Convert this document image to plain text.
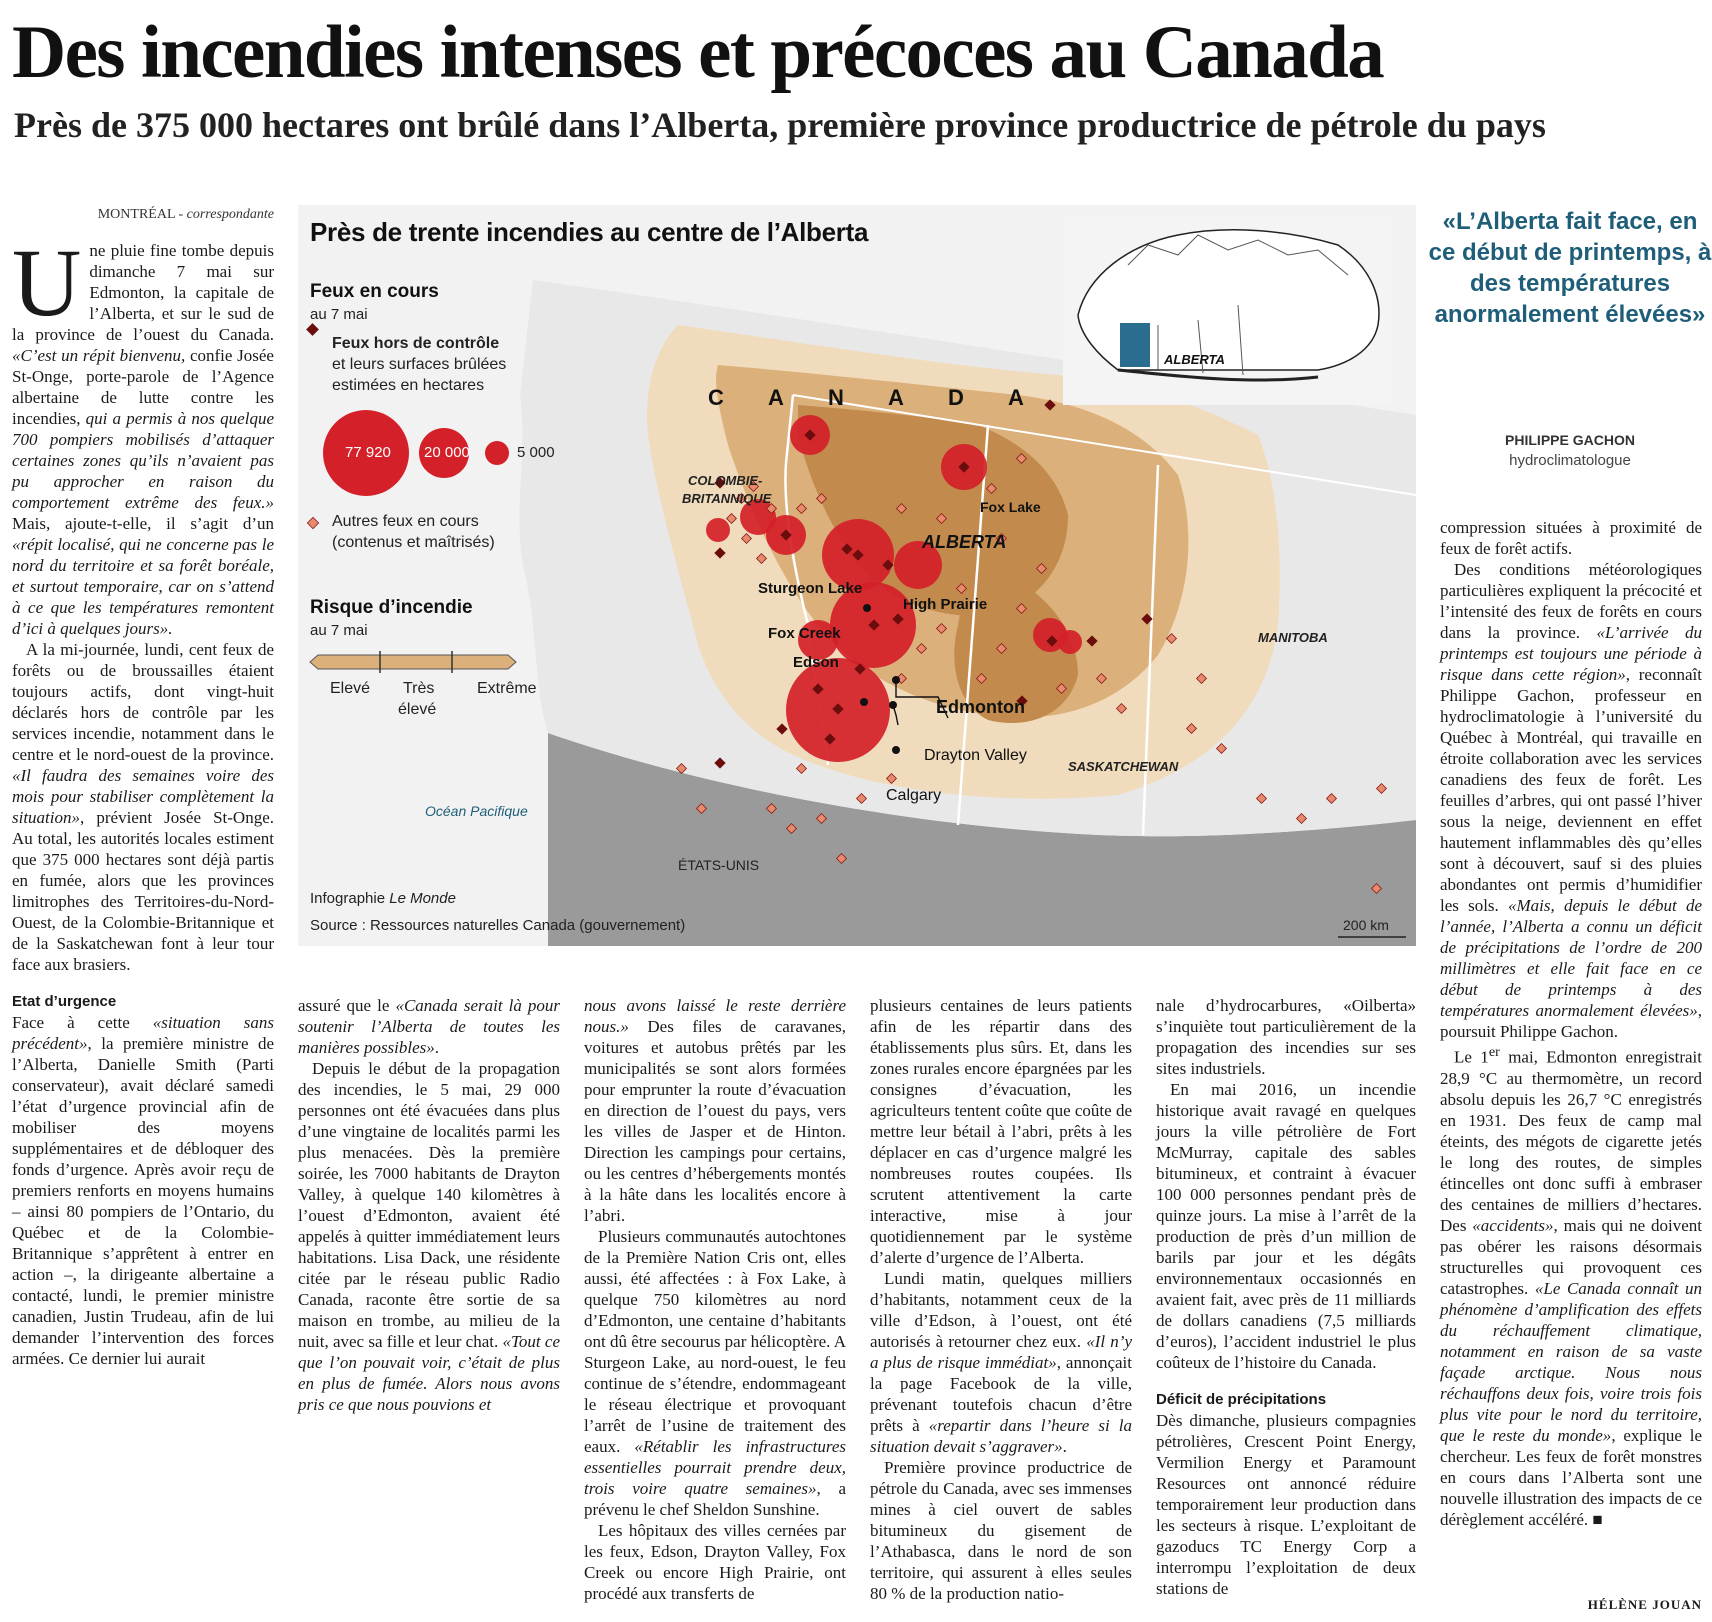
Des incendies intenses et précoces au Canada
Près de 375 000 hectares ont brûlé dans l’Alberta, première province productrice de pétrole du pays
MONTRÉAL - correspondante

Une pluie fine tombe depuis dimanche 7 mai sur Edmonton, la capitale de l’Alberta, et sur le sud de la province de l’ouest du Canada. «C’est un répit bienvenu, confie Josée St-Onge, porte-parole de l’Agence albertaine de lutte contre les incendies, qui a permis à nos quelque 700 pompiers mobilisés d’attaquer certaines zones qu’ils n’avaient pas pu approcher en raison du comportement extrême des feux.» Mais, ajoute-t-elle, il s’agit d’un «répit localisé, qui ne concerne pas le nord du territoire et sa forêt boréale, et surtout temporaire, car on s’attend à ce que les températures remontent d’ici à quelques jours».

A la mi-journée, lundi, cent feux de forêts ou de broussailles étaient toujours actifs, dont vingt-huit déclarés hors de contrôle par les services incendie, notamment dans le centre et le nord-ouest de la province. «Il faudra des semaines voire des mois pour stabiliser complètement la situation», prévient Josée St-Onge. Au total, les autorités locales estiment que 375 000 hectares sont déjà partis en fumée, alors que les provinces limitrophes des Territoires-du-Nord-Ouest, de la Colombie-Britannique et de la Saskatchewan font à leur tour face aux brasiers.

Etat d’urgence

Face à cette «situation sans précédent», la première ministre de l’Alberta, Danielle Smith (Parti conservateur), avait déclaré samedi l’état d’urgence provincial afin de mobiliser des moyens supplémentaires et de débloquer des fonds d’urgence. Après avoir reçu de premiers renforts en moyens humains – ainsi 80 pompiers de l’Ontario, du Québec et de la Colombie-Britannique s’apprêtent à entrer en action –, la dirigeante albertaine a contacté, lundi, le premier ministre canadien, Justin Trudeau, afin de lui demander l’intervention des forces armées. Ce dernier lui aurait

Près de trente incendies au centre de l’Alberta
Feux en cours
au 7 mai
Feux hors de contrôle
et leurs surfaces brûlées
estimées en hectares
77 920 20 000	5 000
Autres feux en cours
(contenus et maîtrisés)
Risque d’incendie
au 7 mai
Elevé Très
élevé
Extrême
C A N A D A
COLOMBIE-
BRITANNIQUE
ALBERTA
SASKATCHEWAN
MANITOBA
Océan Pacifique
ÉTATS-UNIS
ALBERTA
Fox Lake
Sturgeon Lake
High Prairie
Fox Creek
Edson
Edmonton
Drayton Valley
Calgary
Infographie Le Monde
Source : Ressources naturelles Canada (gouvernement)	200 km
«L’Alberta fait face, en ce début de printemps, à des températures anormalement élevées»
PHILIPPE GACHON
hydroclimatologue

assuré que le «Canada serait là pour soutenir l’Alberta de toutes les manières possibles».

Depuis le début de la propagation des incendies, le 5 mai, 29 000 personnes ont été évacuées dans plus d’une vingtaine de localités parmi les plus menacées. Dès la première soirée, les 7000 habitants de Drayton Valley, à quelque 140 kilomètres à l’ouest d’Edmonton, avaient été appelés à quitter immédiatement leurs habitations. Lisa Dack, une résidente citée par le réseau public Radio Canada, raconte être sortie de sa maison en trombe, au milieu de la nuit, avec sa fille et leur chat. «Tout ce que l’on pouvait voir, c’était de plus en plus de fumée. Alors nous avons pris ce que nous pouvions et

nous avons laissé le reste derrière nous.» Des files de caravanes, voitures et autobus prêtés par les municipalités se sont alors formées pour emprunter la route d’évacuation en direction de l’ouest du pays, vers les villes de Jasper et de Hinton. Direction les campings pour certains, ou les centres d’hébergements montés à la hâte dans les localités encore à l’abri.

Plusieurs communautés autochtones de la Première Nation Cris ont, elles aussi, été affectées : à Fox Lake, à quelque 750 kilomètres au nord d’Edmonton, une centaine d’habitants ont dû être secourus par hélicoptère. A Sturgeon Lake, au nord-ouest, le feu continue de s’étendre, endommageant le réseau électrique et provoquant l’arrêt de l’usine de traitement des eaux. «Rétablir les infrastructures essentielles pourrait prendre deux, trois voire quatre semaines», a prévenu le chef Sheldon Sunshine.

Les hôpitaux des villes cernées par les feux, Edson, Drayton Valley, Fox Creek ou encore High Prairie, ont procédé aux transferts de

plusieurs centaines de leurs patients afin de les répartir dans des établissements plus sûrs. Et, dans les zones rurales encore épargnées par les consignes d’évacuation, les agriculteurs tentent coûte que coûte de mettre leur bétail à l’abri, prêts à les déplacer en cas d’urgence malgré les nombreuses routes coupées. Ils scrutent attentivement la carte interactive, mise à jour quotidiennement par le système d’alerte d’urgence de l’Alberta.

Lundi matin, quelques milliers d’habitants, notamment ceux de la ville d’Edson, à l’ouest, ont été autorisés à retourner chez eux. «Il n’y a plus de risque immédiat», annonçait la page Facebook de la ville, prévenant toutefois chacun d’être prêts à «repartir dans l’heure si la situation devait s’aggraver».

Première province productrice de pétrole du Canada, avec ses immenses mines à ciel ouvert de sables bitumineux du gisement de l’Athabasca, dans le nord de son territoire, qui assurent à elles seules 80 % de la production natio-

nale d’hydrocarbures, «Oilberta» s’inquiète tout particulièrement de la propagation des incendies sur ses sites industriels.

En mai 2016, un incendie historique avait ravagé en quelques jours la ville pétrolière de Fort McMurray, capitale des sables bitumineux, et contraint à évacuer 100 000 personnes pendant près de quinze jours. La mise à l’arrêt de la production de près d’un million de barils par jour et les dégâts environnementaux occasionnés en avaient fait, avec près de 11 milliards de dollars canadiens (7,5 milliards d’euros), l’accident industriel le plus coûteux de l’histoire du Canada.

Déficit de précipitations

Dès dimanche, plusieurs compagnies pétrolières, Crescent Point Energy, Vermilion Energy et Paramount Resources ont annoncé réduire temporairement leur production dans les secteurs à risque. L’exploitant de gazoducs TC Energy Corp a interrompu l’exploitation de deux stations de

compression situées à proximité de feux de forêt actifs.

Des conditions météorologiques particulières expliquent la précocité et l’intensité des feux de forêts en cours dans la province. «L’arrivée du printemps est toujours une période à risque dans cette région», reconnaît Philippe Gachon, professeur en hydroclimatologie à l’université du Québec à Montréal, qui travaille en étroite collaboration avec les services canadiens des feux de forêt. Les feuilles d’arbres, qui ont passé l’hiver sous la neige, deviennent en effet hautement inflammables dès qu’elles sont à découvert, sauf si des pluies abondantes ont permis d’humidifier les sols. «Mais, depuis le début de l’année, l’Alberta a connu un déficit de précipitations de l’ordre de 200 millimètres et elle fait face en ce début de printemps à des températures anormalement élevées», poursuit Philippe Gachon.

Le 1er mai, Edmonton enregistrait 28,9 °C au thermomètre, un record absolu depuis les 26,7 °C enregistrés en 1931. Des feux de camp mal éteints, des mégots de cigarette jetés le long des routes, de simples étincelles ont donc suffi à embraser des centaines de milliers d’hectares. Des «accidents», mais qui ne doivent pas obérer les raisons désormais structurelles qui provoquent ces catastrophes. «Le Canada connaît un phénomène d’amplification des effets du réchauffement climatique, notamment en raison de sa vaste façade arctique. Nous nous réchauffons deux fois, voire trois fois plus vite pour le nord du territoire, que le reste du monde», explique le chercheur. Les feux de forêt monstres en cours dans l’Alberta sont une nouvelle illustration des impacts de ce dérèglement accéléré. ■

HÉLÈNE JOUAN
